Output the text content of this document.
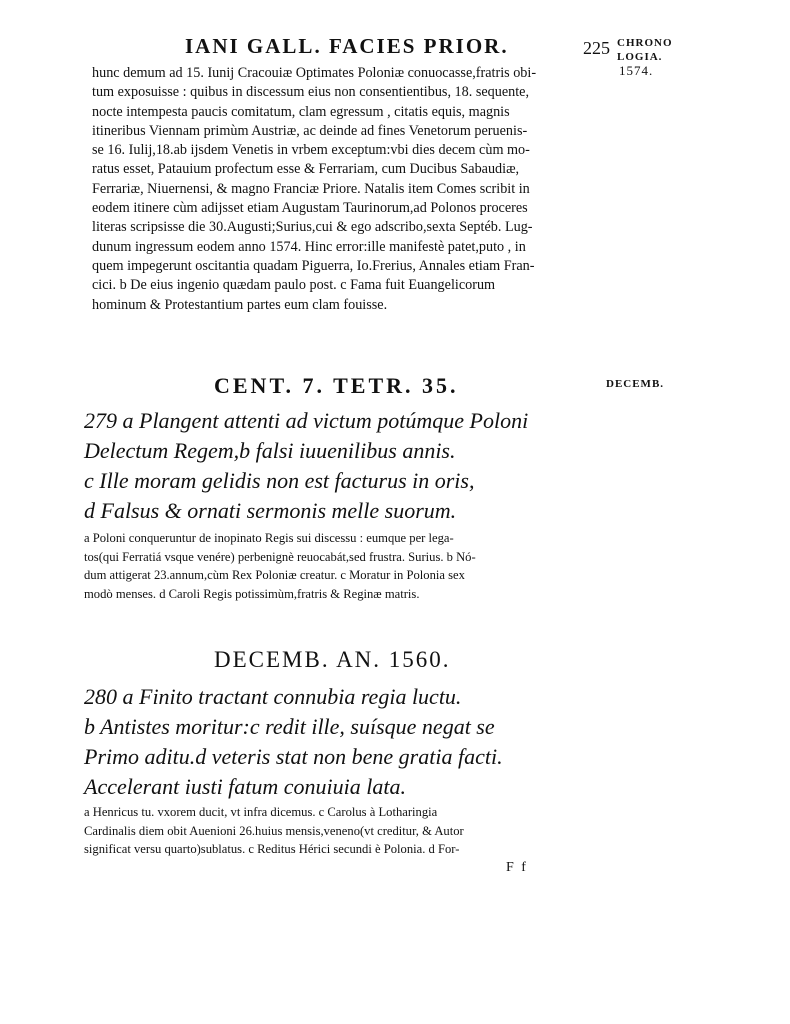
IANI GALL. FACIES PRIOR.	225 CHRONO
LOGIA.
1574.
hunc demum ad 15. Iunij Cracouiæ Optimates Poloniæ conuocasse,fratris obi-
tum exposuisse : quibus in discessum eius non consentientibus, 18. sequente,
nocte intempesta paucis comitatum, clam egressum , citatis equis, magnis
itineribus Viennam primùm Austriæ, ac deinde ad fines Venetorum peruenis-
se 16. Iulij,18.ab ijsdem Venetis in vrbem exceptum:vbi dies decem cùm mo-
ratus esset, Patauium profectum esse & Ferrariam, cum Ducibus Sabaudiæ,
Ferrariæ, Niuernensi, & magno Franciæ Priore. Natalis item Comes scribit in
eodem itinere cùm adijsset etiam Augustam Taurinorum,ad Polonos proceres
literas scripsisse die 30.Augusti;Surius,cui & ego adscribo,sexta Septéb. Lug-
dunum ingressum eodem anno 1574. Hinc error:ille manifestè patet,puto , in
quem impegerunt oscitantia quadam Piguerra, Io.Frerius, Annales etiam Fran-
cici. b De eius ingenio quædam paulo post. c Fama fuit Euangelicorum
hominum & Protestantium partes eum clam fouisse.
CENT. 7. TETR. 35.	DECEMB.
279 a Plangent attenti ad victum potúmque Poloni
Delectum Regem,b falsi iuuenilibus annis.
c Ille moram gelidis non est facturus in oris,
d Falsus & ornati sermonis melle suorum.
a Poloni conqueruntur de inopinato Regis sui discessu : eumque per lega-
tos(qui Ferratiá vsque venére) perbenignè reuocabát,sed frustra. Surius. b Nó-
dum attigerat 23.annum,cùm Rex Poloniæ creatur. c Moratur in Polonia sex
modò menses. d Caroli Regis potissimùm,fratris & Reginæ matris.
DECEMB. AN. 1560.
280 a Finito tractant connubia regia luctu.
b Antistes moritur:c redit ille, suísque negat se
Primo aditu.d veteris stat non bene gratia facti.
Accelerant iusti fatum conuiuia lata.
a Henricus tu. vxorem ducit, vt infra dicemus. c Carolus à Lotharingia
Cardinalis diem obit Auenioni 26.huius mensis,veneno(vt creditur, & Autor
significat versu quarto)sublatus. c Reditus Hérici secundi è Polonia. d For-
F f
